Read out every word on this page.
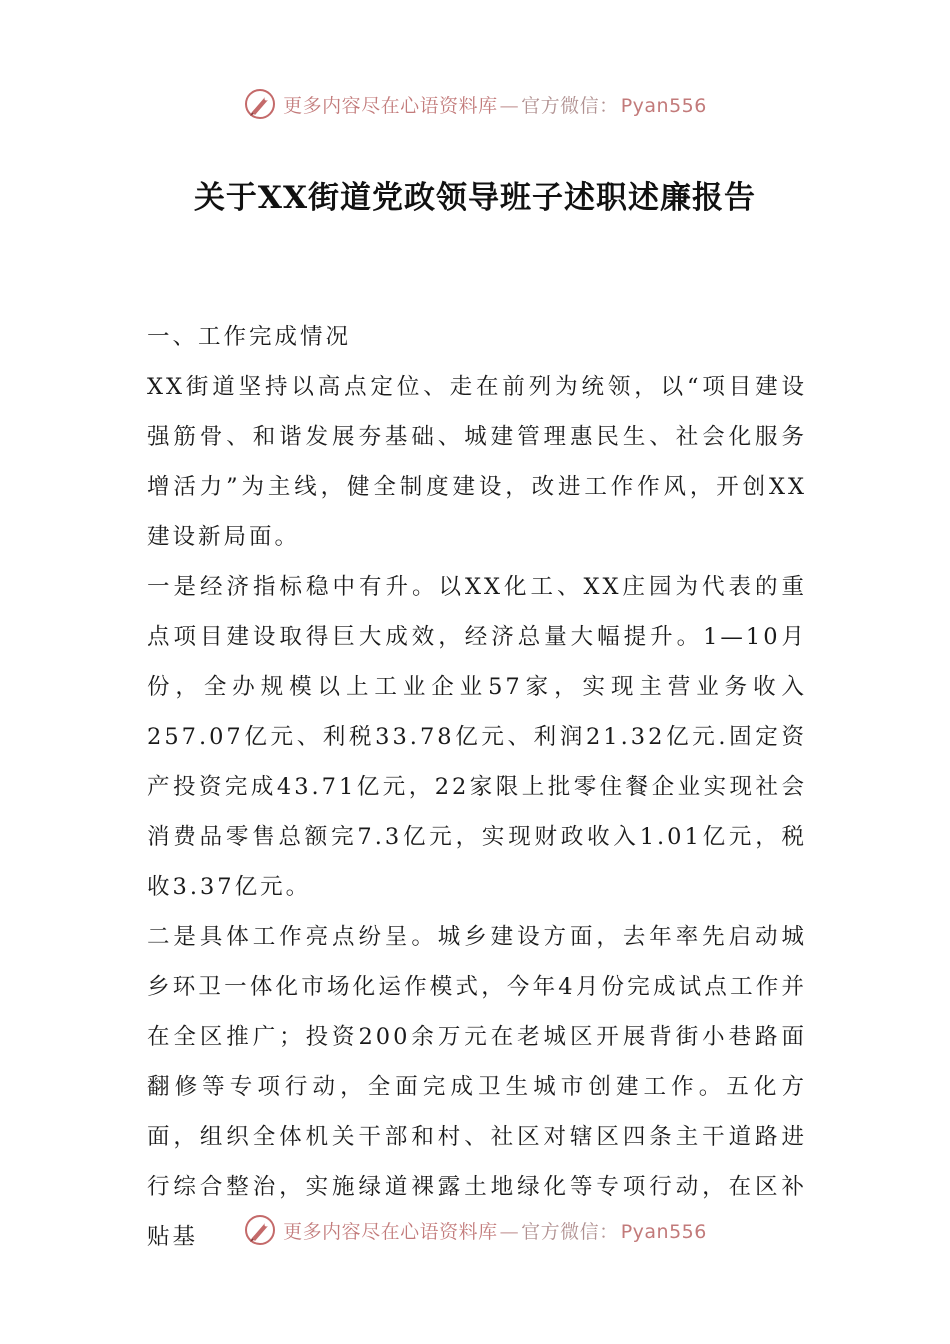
更多内容尽在心语资料库 — 官方微信： Pyan556
关于XX街道党政领导班子述职述廉报告

一、工作完成情况

XX街道坚持以高点定位、走在前列为统领，以“项目建设强筋骨、和谐发展夯基础、城建管理惠民生、社会化服务增活力”为主线，健全制度建设，改进工作作风，开创XX建设新局面。

一是经济指标稳中有升。以XX化工、XX庄园为代表的重点项目建设取得巨大成效，经济总量大幅提升。1—10月份，全办规模以上工业企业57家，实现主营业务收入257.07亿元、利税33.78亿元、利润21.32亿元.固定资产投资完成43.71亿元，22家限上批零住餐企业实现社会消费品零售总额完7.3亿元，实现财政收入1.01亿元，税收3.37亿元。

二是具体工作亮点纷呈。城乡建设方面，去年率先启动城乡环卫一体化市场化运作模式，今年4月份完成试点工作并在全区推广；投资200余万元在老城区开展背街小巷路面翻修等专项行动，全面完成卫生城市创建工作。五化方面，组织全体机关干部和村、社区对辖区四条主干道路进行综合整治，实施绿道裸露土地绿化等专项行动，在区补贴基	更多内容尽在心语资料库 — 官方微信： Pyan556
